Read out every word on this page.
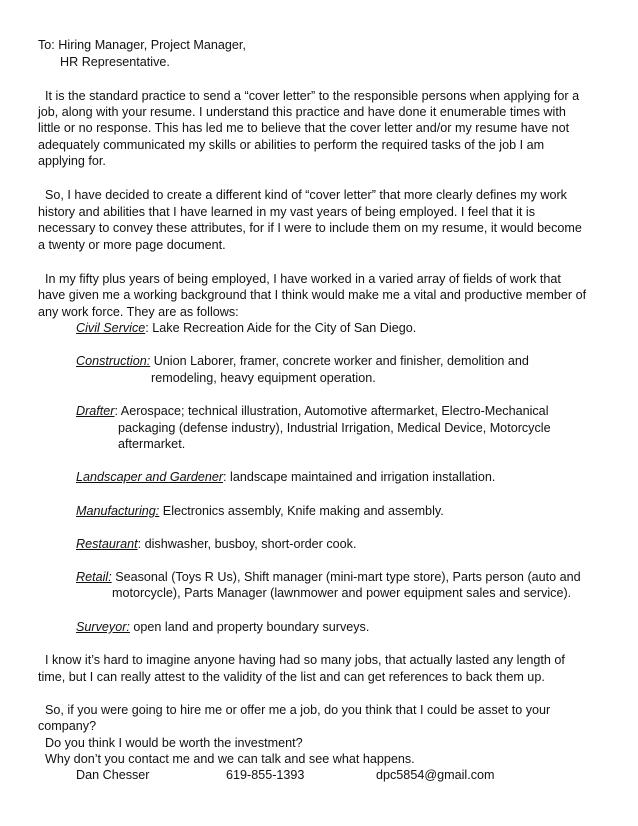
To: Hiring Manager, Project Manager,
HR Representative.
It is the standard practice to send a “cover letter” to the responsible persons when applying for a
job, along with your resume. I understand this practice and have done it enumerable times with
little or no response. This has led me to believe that the cover letter and/or my resume have not
adequately communicated my skills or abilities to perform the required tasks of the job I am
applying for.
So, I have decided to create a different kind of “cover letter” that more clearly defines my work
history and abilities that I have learned in my vast years of being employed. I feel that it is
necessary to convey these attributes, for if I were to include them on my resume, it would become
a twenty or more page document.
In my fifty plus years of being employed, I have worked in a varied array of fields of work that
have given me a working background that I think would make me a vital and productive member of
any work force. They are as follows:
Civil Service: Lake Recreation Aide for the City of San Diego.
Construction: Union Laborer, framer, concrete worker and finisher, demolition and
remodeling, heavy equipment operation.
Drafter: Aerospace; technical illustration, Automotive aftermarket, Electro-Mechanical
packaging (defense industry), Industrial Irrigation, Medical Device, Motorcycle
aftermarket.
Landscaper and Gardener: landscape maintained and irrigation installation.
Manufacturing: Electronics assembly, Knife making and assembly.
Restaurant: dishwasher, busboy, short-order cook.
Retail: Seasonal (Toys R Us), Shift manager (mini-mart type store), Parts person (auto and
motorcycle), Parts Manager (lawnmower and power equipment sales and service).
Surveyor: open land and property boundary surveys.
I know it’s hard to imagine anyone having had so many jobs, that actually lasted any length of
time, but I can really attest to the validity of the list and can get references to back them up.
So, if you were going to hire me or offer me a job, do you think that I could be asset to your
company?
Do you think I would be worth the investment?
Why don’t you contact me and we can talk and see what happens.
Dan Chesser	619-855-1393	dpc5854@gmail.com
